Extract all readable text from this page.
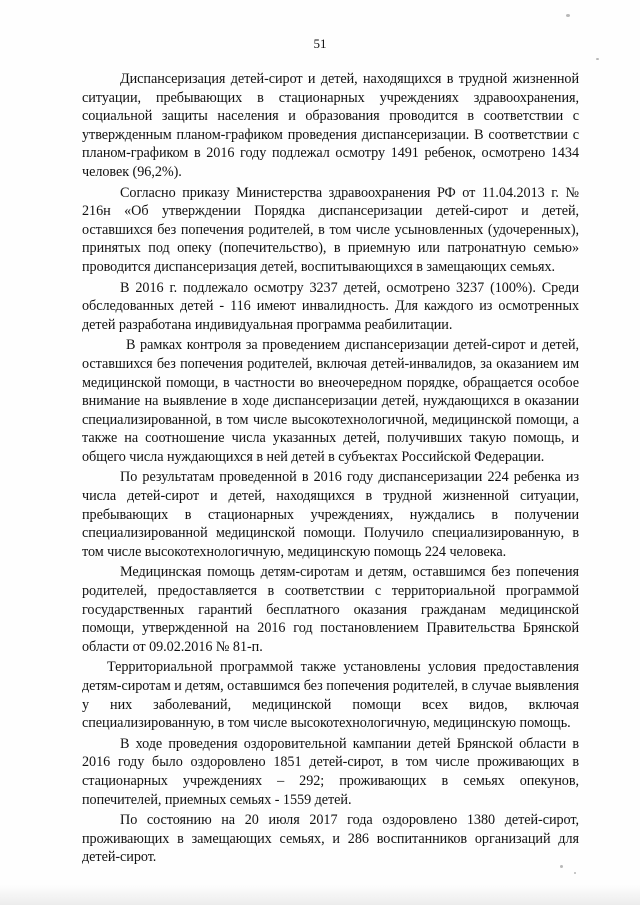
51

Диспансеризация детей-сирот и детей, находящихся в трудной жизненной ситуации, пребывающих в стационарных учреждениях здравоохранения, социальной защиты населения и образования проводится в соответствии с утвержденным планом-графиком проведения диспансеризации. В соответствии с планом-графиком в 2016 году подлежал осмотру 1491 ребенок, осмотрено 1434 человек (96,2%).

Согласно приказу Министерства здравоохранения РФ от 11.04.2013 г. № 216н «Об утверждении Порядка диспансеризации детей-сирот и детей, оставшихся без попечения родителей, в том числе усыновленных (удочеренных), принятых под опеку (попечительство), в приемную или патронатную семью» проводится диспансеризация детей, воспитывающихся в замещающих семьях.

В 2016 г. подлежало осмотру 3237 детей, осмотрено 3237 (100%). Среди обследованных детей - 116 имеют инвалидность. Для каждого из осмотренных детей разработана индивидуальная программа реабилитации.

В рамках контроля за проведением диспансеризации детей-сирот и детей, оставшихся без попечения родителей, включая детей-инвалидов, за оказанием им медицинской помощи, в частности во внеочередном порядке, обращается особое внимание на выявление в ходе диспансеризации детей, нуждающихся в оказании специализированной, в том числе высокотехнологичной, медицинской помощи, а также на соотношение числа указанных детей, получивших такую помощь, и общего числа нуждающихся в ней детей в субъектах Российской Федерации.

По результатам проведенной в 2016 году диспансеризации 224 ребенка из числа детей-сирот и детей, находящихся в трудной жизненной ситуации, пребывающих в стационарных учреждениях, нуждались в получении специализированной медицинской помощи. Получило специализированную, в том числе высокотехнологичную, медицинскую помощь 224 человека.

Медицинская помощь детям-сиротам и детям, оставшимся без попечения родителей, предоставляется в соответствии с территориальной программой государственных гарантий бесплатного оказания гражданам медицинской помощи, утвержденной на 2016 год постановлением Правительства Брянской области от 09.02.2016 № 81-п.

Территориальной программой также установлены условия предоставления детям-сиротам и детям, оставшимся без попечения родителей, в случае выявления у них заболеваний, медицинской помощи всех видов, включая специализированную, в том числе высокотехнологичную, медицинскую помощь.

В ходе проведения оздоровительной кампании детей Брянской области в 2016 году было оздоровлено 1851 детей-сирот, в том числе проживающих в стационарных учреждениях – 292; проживающих в семьях опекунов, попечителей, приемных семьях - 1559 детей.

По состоянию на 20 июля 2017 года оздоровлено 1380 детей-сирот, проживающих в замещающих семьях, и 286 воспитанников организаций для детей-сирот.
